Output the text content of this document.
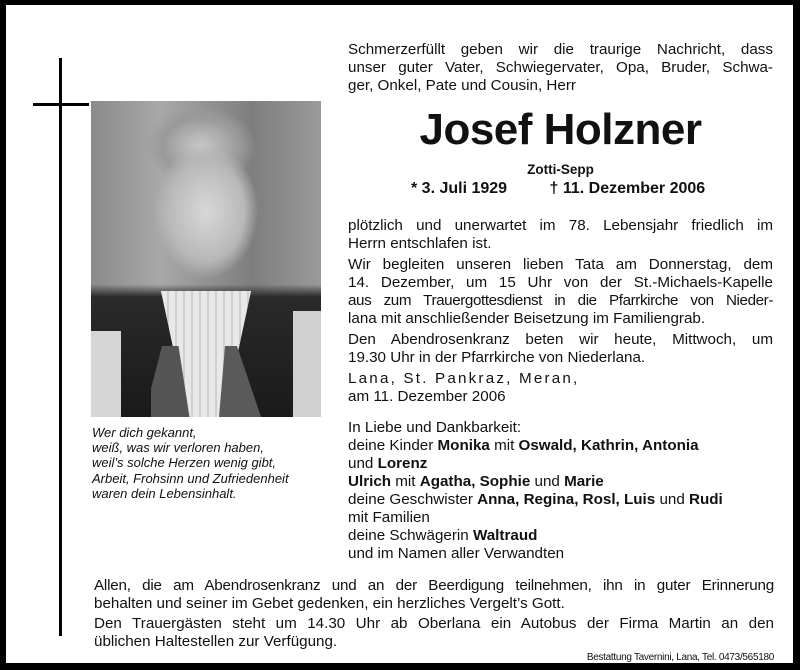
Wer dich gekannt,
weiß, was wir verloren haben,
weil’s solche Herzen wenig gibt,
Arbeit, Frohsinn und Zufriedenheit
waren dein Lebensinhalt.
Schmerzerfüllt geben wir die traurige Nachricht, dass
unser guter Vater, Schwiegervater, Opa, Bruder, Schwa-
ger, Onkel, Pate und Cousin, Herr
Josef Holzner
Zotti-Sepp
* 3. Juli 1929	† 11. Dezember 2006
plötzlich und unerwartet im 78. Lebensjahr friedlich im
Herrn entschlafen ist.
Wir begleiten unseren lieben Tata am Donnerstag, dem
14. Dezember, um 15 Uhr von der St.-Michaels-Kapelle
aus zum Trauergottesdienst in die Pfarrkirche von Nieder-
lana mit anschließender Beisetzung im Familiengrab.
Den Abendrosenkranz beten wir heute, Mittwoch, um
19.30 Uhr in der Pfarrkirche von Niederlana.
Lana, St. Pankraz, Meran,
am 11. Dezember 2006
In Liebe und Dankbarkeit:
deine Kinder Monika mit Oswald, Kathrin, Antonia
und Lorenz
Ulrich mit Agatha, Sophie und Marie
deine Geschwister Anna, Regina, Rosl, Luis und Rudi
mit Familien
deine Schwägerin Waltraud
und im Namen aller Verwandten
Allen, die am Abendrosenkranz und an der Beerdigung teilnehmen, ihn in guter Erinnerung
behalten und seiner im Gebet gedenken, ein herzliches Vergelt’s Gott.
Den Trauergästen steht um 14.30 Uhr ab Oberlana ein Autobus der Firma Martin an den
üblichen Haltestellen zur Verfügung.
Bestattung Tavernini, Lana, Tel. 0473/565180
